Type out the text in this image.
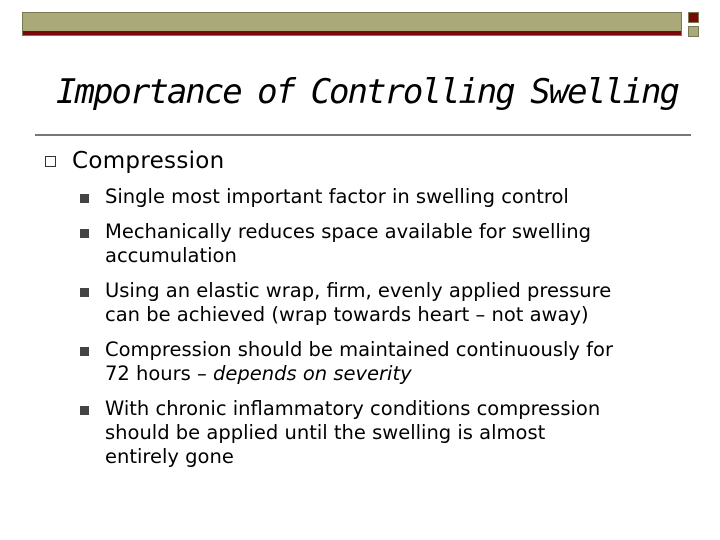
Importance of Controlling Swelling
Compression
Single most important factor in swelling control
Mechanically reduces space available for swelling
accumulation
Using an elastic wrap, firm, evenly applied pressure
can be achieved (wrap towards heart – not away)
Compression should be maintained continuously for
72 hours – depends on severity
With chronic inflammatory conditions compression
should be applied until the swelling is almost
entirely gone
